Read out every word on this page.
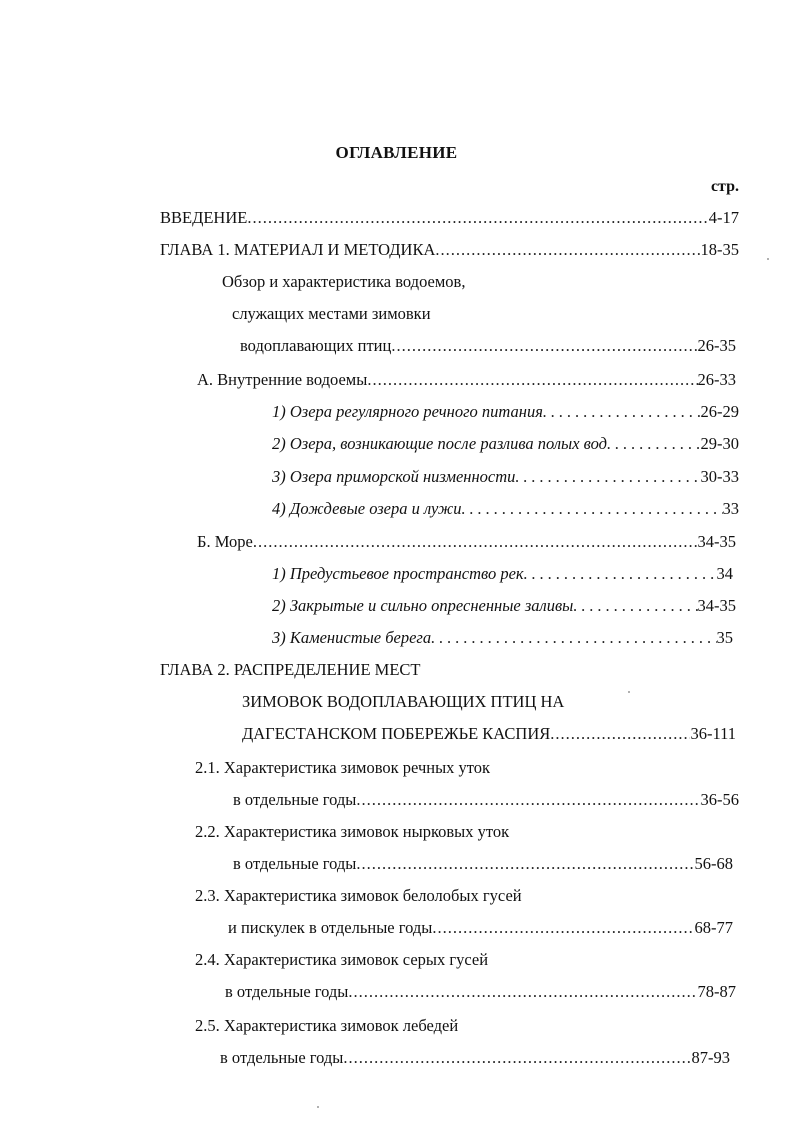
ОГЛАВЛЕНИЕ
стр.
ВВЕДЕНИЕ .....	4-17
ГЛАВА 1. МАТЕРИАЛ И МЕТОДИКА .....	18-35
Обзор и характеристика водоемов,
служащих местами зимовки
водоплавающих птиц .....	26-35
А. Внутренние водоемы .....	26-33
1) Озера регулярного речного питания .....	26-29
2) Озера, возникающие после разлива полых вод .....	29-30
3) Озера приморской низменности .....	30-33
4) Дождевые озера и лужи .....	33
Б. Море .....	34-35
1) Предустьевое пространство рек .....	34
2) Закрытые и сильно опресненные заливы .....	34-35
3) Каменистые берега .....	35
ГЛАВА 2. РАСПРЕДЕЛЕНИЕ МЕСТ
ЗИМОВОК ВОДОПЛАВАЮЩИХ ПТИЦ НА
ДАГЕСТАНСКОМ ПОБЕРЕЖЬЕ КАСПИЯ .....	36-111
2.1. Характеристика зимовок речных уток
в отдельные годы .....	36-56
2.2. Характеристика зимовок нырковых уток
в отдельные годы .....	56-68
2.3. Характеристика зимовок белолобых гусей
и пискулек в отдельные годы .....	68-77
2.4. Характеристика зимовок серых гусей
в отдельные годы .....	78-87
2.5. Характеристика зимовок лебедей
в отдельные годы .....	87-93
